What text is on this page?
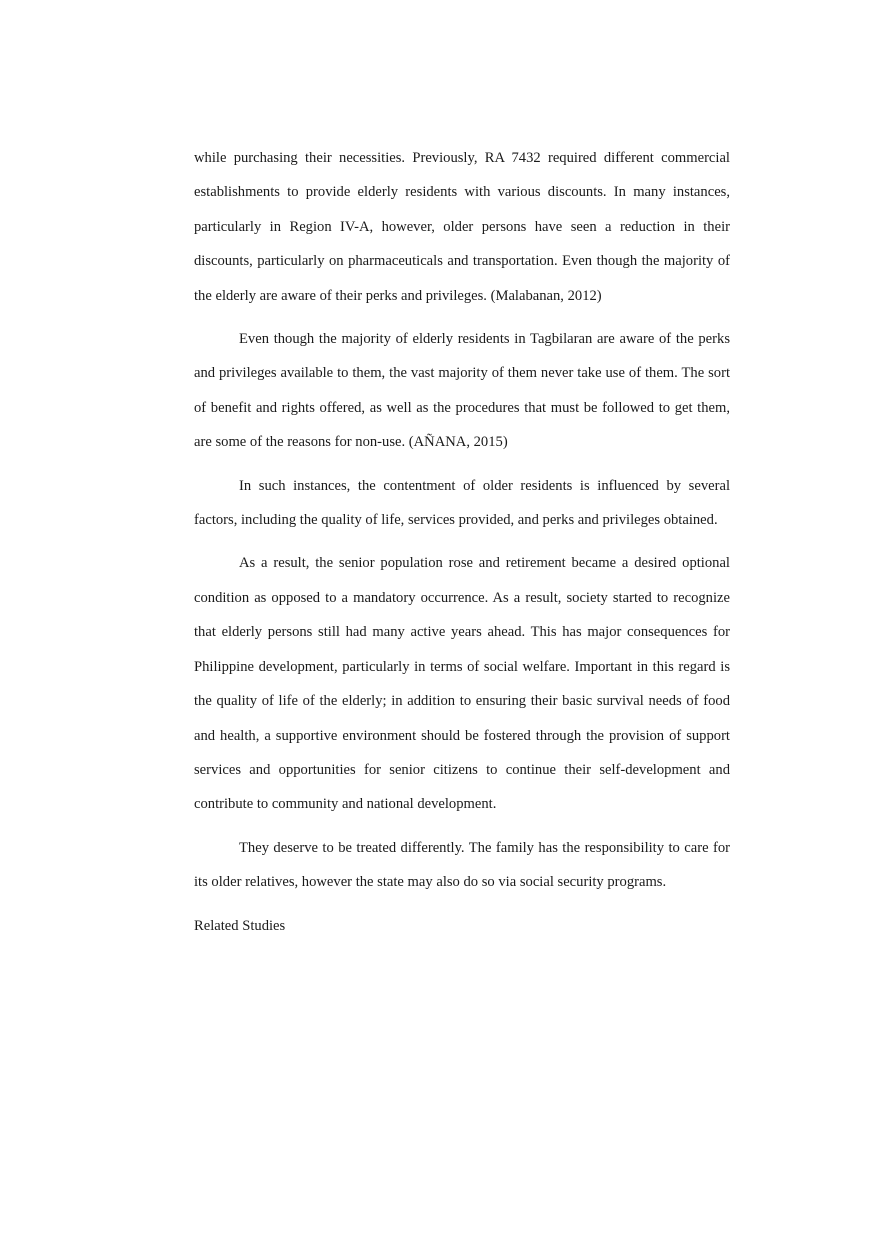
while purchasing their necessities. Previously, RA 7432 required different commercial establishments to provide elderly residents with various discounts. In many instances, particularly in Region IV-A, however, older persons have seen a reduction in their discounts, particularly on pharmaceuticals and transportation. Even though the majority of the elderly are aware of their perks and privileges. (Malabanan, 2012)

Even though the majority of elderly residents in Tagbilaran are aware of the perks and privileges available to them, the vast majority of them never take use of them. The sort of benefit and rights offered, as well as the procedures that must be followed to get them, are some of the reasons for non-use. (AÑANA, 2015)

In such instances, the contentment of older residents is influenced by several factors, including the quality of life, services provided, and perks and privileges obtained.

As a result, the senior population rose and retirement became a desired optional condition as opposed to a mandatory occurrence. As a result, society started to recognize that elderly persons still had many active years ahead. This has major consequences for Philippine development, particularly in terms of social welfare. Important in this regard is the quality of life of the elderly; in addition to ensuring their basic survival needs of food and health, a supportive environment should be fostered through the provision of support services and opportunities for senior citizens to continue their self-development and contribute to community and national development.

They deserve to be treated differently. The family has the responsibility to care for its older relatives, however the state may also do so via social security programs.

Related Studies
